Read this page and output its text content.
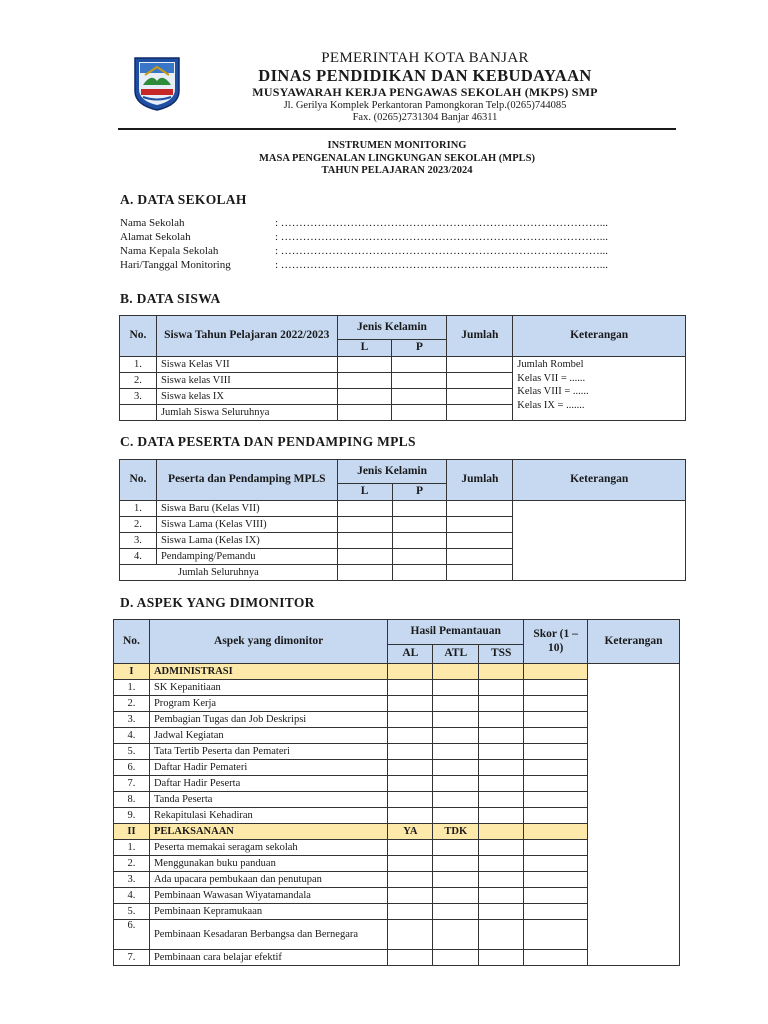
PEMERINTAH KOTA BANJAR
DINAS PENDIDIKAN DAN KEBUDAYAAN
MUSYAWARAH KERJA PENGAWAS SEKOLAH (MKPS) SMP
Jl. Gerilya Komplek Perkantoran Pamongkoran Telp.(0265)744085
Fax. (0265)2731304 Banjar 46311
INSTRUMEN MONITORING
MASA PENGENALAN LINGKUNGAN SEKOLAH (MPLS)
TAHUN PELAJARAN 2023/2024
A. DATA SEKOLAH
Nama Sekolah	: ……………………………………………………………………………...
Alamat Sekolah	: ……………………………………………………………………………...
Nama Kepala Sekolah	: ……………………………………………………………………………...
Hari/Tanggal Monitoring	: ……………………………………………………………………………...
B. DATA SISWA
No.	Siswa Tahun Pelajaran 2022/2023	Jenis Kelamin		Jumlah	Keterangan
		L	P		
1.	Siswa Kelas VII				Jumlah Rombel
Kelas VII = ......
Kelas VIII = ......
Kelas IX = .......

2.	Siswa kelas VIII				
3.	Siswa kelas IX				
	Jumlah Siswa Seluruhnya				
C. DATA PESERTA DAN PENDAMPING MPLS
No.	Peserta dan Pendamping MPLS	Jenis Kelamin		Jumlah	Keterangan
		L	P		
1.	Siswa Baru (Kelas VII)				
2.	Siswa Lama (Kelas VIII)				
3.	Siswa Lama (Kelas IX)				
4.	Pendamping/Pemandu				
Jumlah Seluruhnya					
D. ASPEK YANG DIMONITOR
No.	Aspek yang dimonitor	Hasil Pemantauan			Skor (1 – 10)	Keterangan
		AL	ATL	TSS		
I	ADMINISTRASI					
1.	SK Kepanitiaan					
2.	Program Kerja					
3.	Pembagian Tugas dan Job Deskripsi					
4.	Jadwal Kegiatan					
5.	Tata Tertib Peserta dan Pemateri					
6.	Daftar Hadir Pemateri					
7.	Daftar Hadir Peserta					
8.	Tanda Peserta					
9.	Rekapitulasi Kehadiran					
II	PELAKSANAAN	YA	TDK			
1.	Peserta memakai seragam sekolah					
2.	Menggunakan buku panduan					
3.	Ada upacara pembukaan dan penutupan					
4.	Pembinaan Wawasan Wiyatamandala					
5.	Pembinaan Kepramukaan					
6.	Pembinaan Kesadaran Berbangsa dan Bernegara					
7.	Pembinaan cara belajar efektif					
